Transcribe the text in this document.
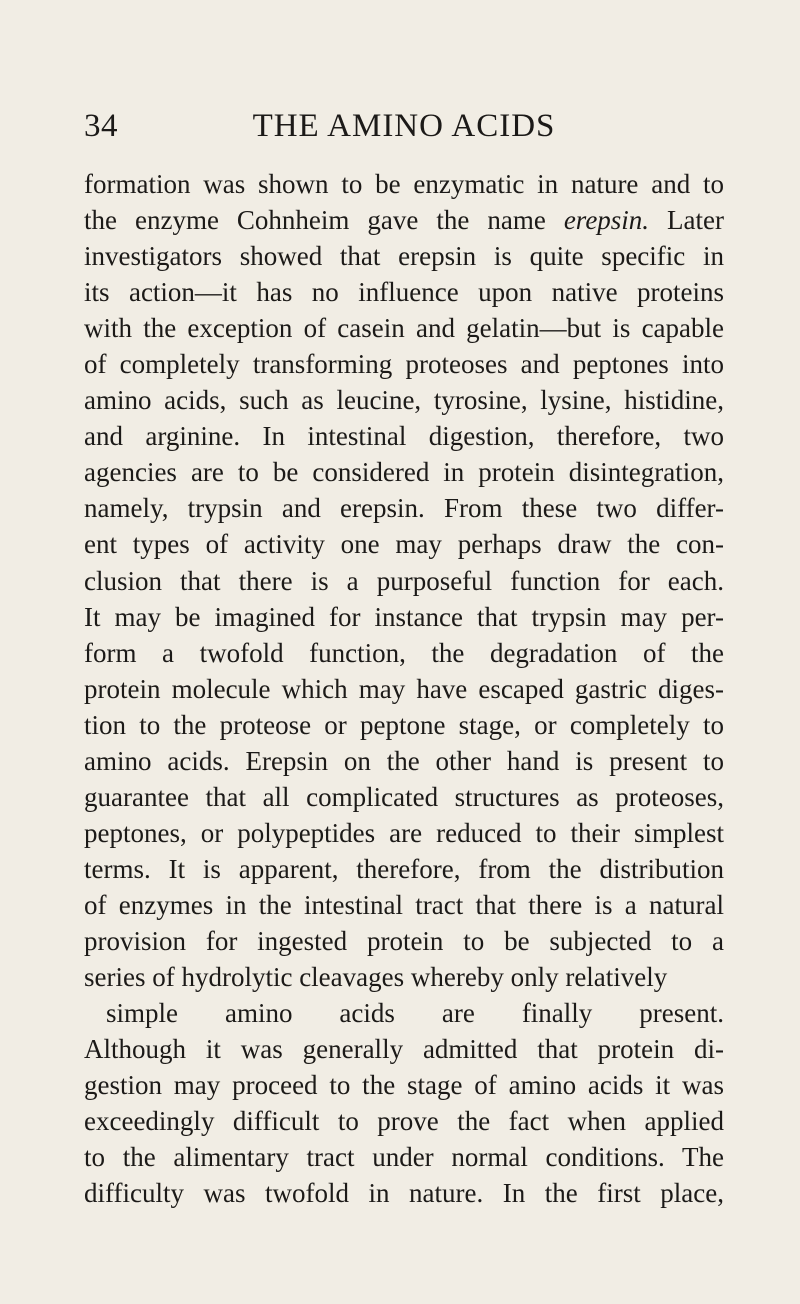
34	THE AMINO ACIDS
formation was shown to be enzymatic in nature and to
the enzyme Cohnheim gave the name erepsin. Later
investigators showed that erepsin is quite specific in
its action—it has no influence upon native proteins
with the exception of casein and gelatin—but is capable
of completely transforming proteoses and peptones into
amino acids, such as leucine, tyrosine, lysine, histidine,
and arginine. In intestinal digestion, therefore, two
agencies are to be considered in protein disintegration,
namely, trypsin and erepsin. From these two differ-
ent types of activity one may perhaps draw the con-
clusion that there is a purposeful function for each.
It may be imagined for instance that trypsin may per-
form a twofold function, the degradation of the
protein molecule which may have escaped gastric diges-
tion to the proteose or peptone stage, or completely to
amino acids. Erepsin on the other hand is present to
guarantee that all complicated structures as proteoses,
peptones, or polypeptides are reduced to their simplest
terms. It is apparent, therefore, from the distribution
of enzymes in the intestinal tract that there is a natural
provision for ingested protein to be subjected to a
series of hydrolytic cleavages whereby only relatively
simple amino acids are finally present.
Although it was generally admitted that protein di-
gestion may proceed to the stage of amino acids it was
exceedingly difficult to prove the fact when applied
to the alimentary tract under normal conditions. The
difficulty was twofold in nature. In the first place,
